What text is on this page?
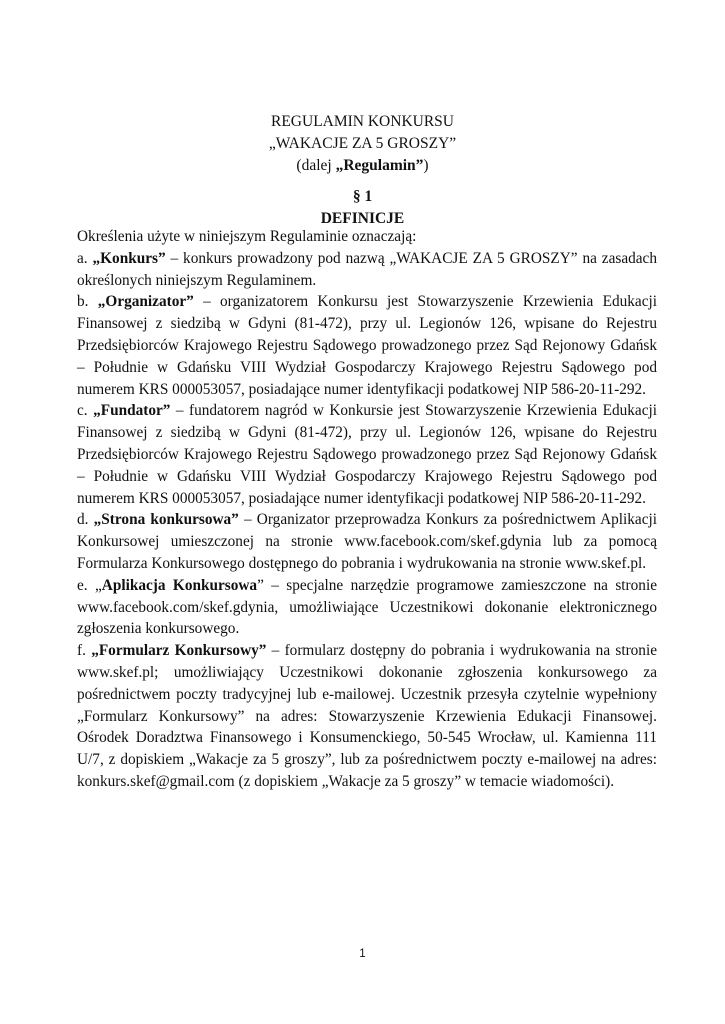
REGULAMIN KONKURSU
„WAKACJE ZA 5 GROSZY”
(dalej „Regulamin”)
§ 1
DEFINICJE

Określenia użyte w niniejszym Regulaminie oznaczają:

a. „Konkurs” – konkurs prowadzony pod nazwą „WAKACJE ZA 5 GROSZY” na zasadach określonych niniejszym Regulaminem.

b. „Organizator” – organizatorem Konkursu jest Stowarzyszenie Krzewienia Edukacji Finansowej z siedzibą w Gdyni (81-472), przy ul. Legionów 126, wpisane do Rejestru Przedsiębiorców Krajowego Rejestru Sądowego prowadzonego przez Sąd Rejonowy Gdańsk – Południe w Gdańsku VIII Wydział Gospodarczy Krajowego Rejestru Sądowego pod numerem KRS 000053057, posiadające numer identyfikacji podatkowej NIP 586-20-11-292.

c. „Fundator” – fundatorem nagród w Konkursie jest Stowarzyszenie Krzewienia Edukacji Finansowej z siedzibą w Gdyni (81-472), przy ul. Legionów 126, wpisane do Rejestru Przedsiębiorców Krajowego Rejestru Sądowego prowadzonego przez Sąd Rejonowy Gdańsk – Południe w Gdańsku VIII Wydział Gospodarczy Krajowego Rejestru Sądowego pod numerem KRS 000053057, posiadające numer identyfikacji podatkowej NIP 586-20-11-292.

d. „Strona konkursowa” – Organizator przeprowadza Konkurs za pośrednictwem Aplikacji Konkursowej umieszczonej na stronie www.facebook.com/skef.gdynia lub za pomocą Formularza Konkursowego dostępnego do pobrania i wydrukowania na stronie www.skef.pl.

e. „Aplikacja Konkursowa” – specjalne narzędzie programowe zamieszczone na stronie www.facebook.com/skef.gdynia, umożliwiające Uczestnikowi dokonanie elektronicznego zgłoszenia konkursowego.

f. „Formularz Konkursowy” – formularz dostępny do pobrania i wydrukowania na stronie www.skef.pl; umożliwiający Uczestnikowi dokonanie zgłoszenia konkursowego za pośrednictwem poczty tradycyjnej lub e-mailowej. Uczestnik przesyła czytelnie wypełniony „Formularz Konkursowy” na adres: Stowarzyszenie Krzewienia Edukacji Finansowej. Ośrodek Doradztwa Finansowego i Konsumenckiego, 50-545 Wrocław, ul. Kamienna 111 U/7, z dopiskiem „Wakacje za 5 groszy”, lub za pośrednictwem poczty e-mailowej na adres: konkurs.skef@gmail.com (z dopiskiem „Wakacje za 5 groszy” w temacie wiadomości).

1
